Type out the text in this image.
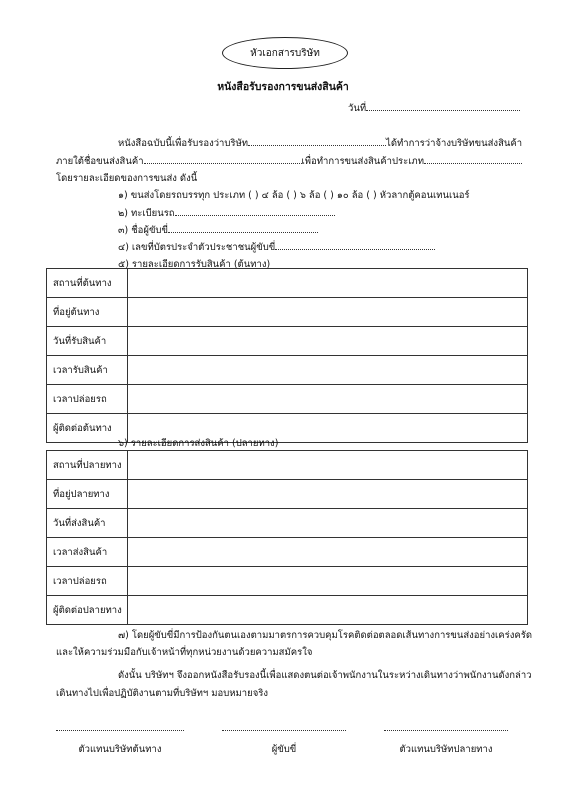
หัวเอกสารบริษัท
หนังสือรับรองการขนส่งสินค้า
วันที่
หนังสือฉบับนี้เพื่อรับรองว่าบริษัท	ได้ทำการว่าจ้างบริษัทขนส่งสินค้า
ภายใต้ชื่อขนส่งสินค้า	เพื่อทำการขนส่งสินค้าประเภท
โดยรายละเอียดของการขนส่ง ดังนี้
๑) ขนส่งโดยรถบรรทุก ประเภท ( ) ๔ ล้อ ( ) ๖ ล้อ ( ) ๑๐ ล้อ ( ) หัวลากตู้คอนเทนเนอร์
๒) ทะเบียนรถ
๓) ชื่อผู้ขับขี่
๔) เลขที่บัตรประจำตัวประชาชนผู้ขับขี่
๕) รายละเอียดการรับสินค้า (ต้นทาง)
สถานที่ต้นทาง	
ที่อยู่ต้นทาง	
วันที่รับสินค้า	
เวลารับสินค้า	
เวลาปล่อยรถ	
ผู้ติดต่อต้นทาง	
๖) รายละเอียดการส่งสินค้า (ปลายทาง)
สถานที่ปลายทาง	
ที่อยู่ปลายทาง	
วันที่ส่งสินค้า	
เวลาส่งสินค้า	
เวลาปล่อยรถ	
ผู้ติดต่อปลายทาง	
๗) โดยผู้ขับขี่มีการป้องกันตนเองตามมาตรการควบคุมโรคติดต่อตลอดเส้นทางการขนส่งอย่างเคร่งครัด
และให้ความร่วมมือกับเจ้าหน้าที่ทุกหน่วยงานด้วยความสมัครใจ
ดังนั้น บริษัทฯ จึงออกหนังสือรับรองนี้เพื่อแสดงตนต่อเจ้าพนักงานในระหว่างเดินทางว่าพนักงานดังกล่าว
เดินทางไปเพื่อปฏิบัติงานตามที่บริษัทฯ มอบหมายจริง
ตัวแทนบริษัทต้นทาง	ผู้ขับขี่	ตัวแทนบริษัทปลายทาง
